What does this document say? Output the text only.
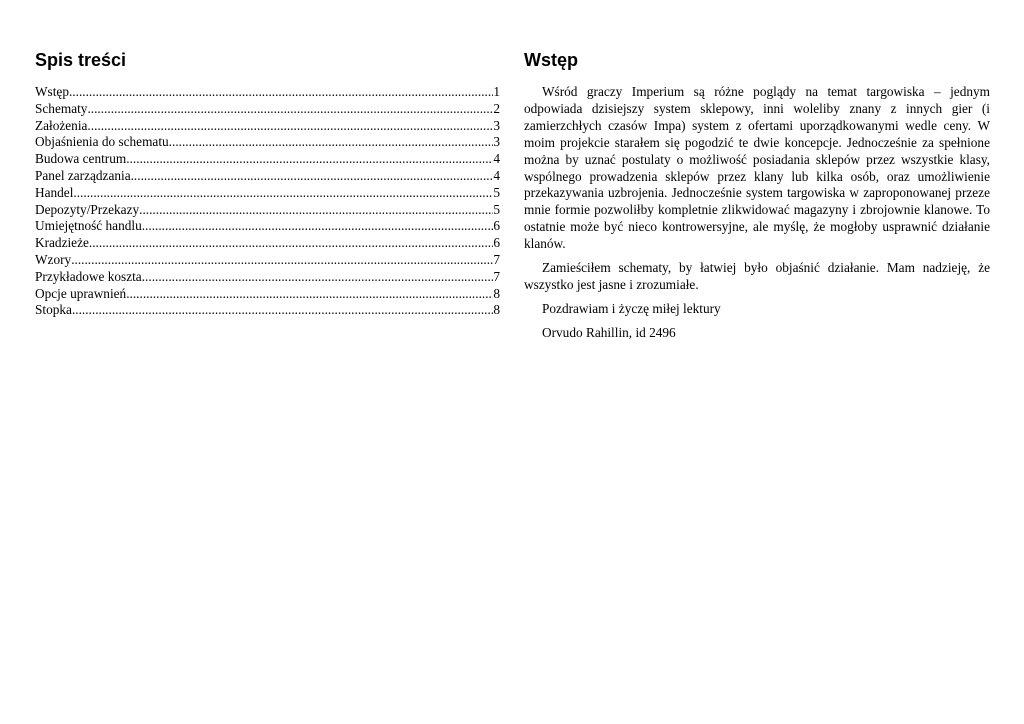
Spis treści
Wstęp .....	1
Schematy .....	2
Założenia .....	3
Objaśnienia do schematu .....	3
Budowa centrum .....	4
Panel zarządzania .....	4
Handel .....	5
Depozyty/Przekazy .....	5
Umiejętność handlu .....	6
Kradzieże .....	6
Wzory .....	7
Przykładowe koszta .....	7
Opcje uprawnień .....	8
Stopka .....	8
Wstęp

Wśród graczy Imperium są różne poglądy na temat targowiska – jednym odpowiada dzisiejszy system sklepowy, inni woleliby znany z innych gier (i zamierzchłych czasów Impa) system z ofertami uporządkowanymi wedle ceny. W moim projekcie starałem się pogodzić te dwie koncepcje. Jednocześnie za spełnione można by uznać postulaty o możliwość posiadania sklepów przez wszystkie klasy, wspólnego prowadzenia sklepów przez klany lub kilka osób, oraz umożliwienie przekazywania uzbrojenia. Jednocześnie system targowiska w zaproponowanej przeze mnie formie pozwoliłby kompletnie zlikwidować magazyny i zbrojownie klanowe. To ostatnie może być nieco kontrowersyjne, ale myślę, że mogłoby usprawnić działanie klanów.

Zamieściłem schematy, by łatwiej było objaśnić działanie. Mam nadzieję, że wszystko jest jasne i zrozumiałe.

Pozdrawiam i życzę miłej lektury

Orvudo Rahillin, id 2496
